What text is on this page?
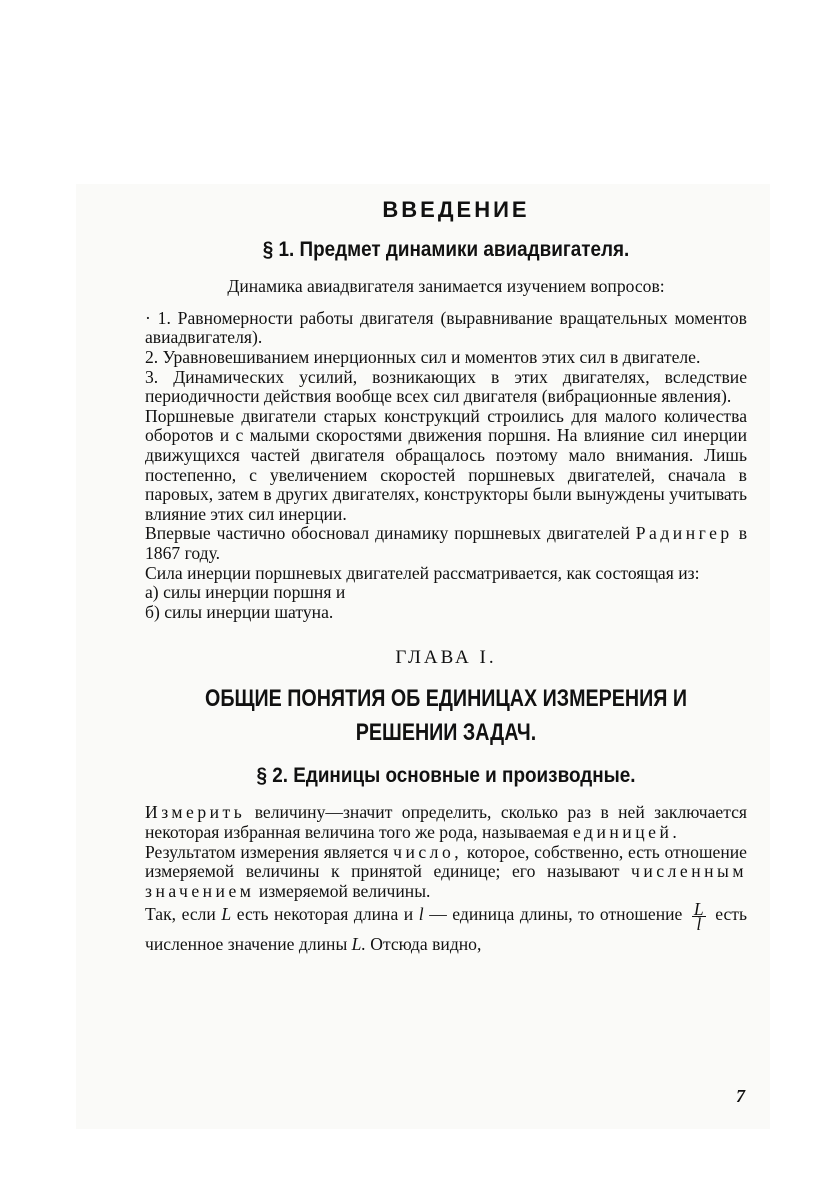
ВВЕДЕНИЕ
§ 1. Предмет динамики авиадвигателя.

Динамика авиадвигателя занимается изучением вопросов:

· 1. Равномерности работы двигателя (выравнивание вращательных моментов авиадвигателя).

2. Уравновешиванием инерционных сил и моментов этих сил в двигателе.

3. Динамических усилий, возникающих в этих двигателях, вследствие периодичности действия вообще всех сил двигателя (вибрационные явления).

Поршневые двигатели старых конструкций строились для малого количества оборотов и с малыми скоростями движения поршня. На влияние сил инерции движущихся частей двигателя обращалось поэтому мало внимания. Лишь постепенно, с увеличением скоростей поршневых двигателей, сначала в паровых, затем в других двигателях, конструкторы были вынуждены учитывать влияние этих сил инерции.

Впервые частично обосновал динамику поршневых двигателей Радингер в 1867 году.

Сила инерции поршневых двигателей рассматривается, как состоящая из:

а) силы инерции поршня и

б) силы инерции шатуна.

ГЛАВА I.
ОБЩИЕ ПОНЯТИЯ ОБ ЕДИНИЦАХ ИЗМЕРЕНИЯ И РЕШЕНИИ ЗАДАЧ.
§ 2. Единицы основные и производные.

Измерить величину—значит определить, сколько раз в ней заключается некоторая избранная величина того же рода, называемая единицей.

Результатом измерения является число, которое, собственно, есть отношение измеряемой величины к принятой единице; его называют численным значением измеряемой величины.

Так, если L есть некоторая длина и l — единица длины, то отношение $\frac{L}{l}$ есть численное значение длины L. Отсюда видно,

7
